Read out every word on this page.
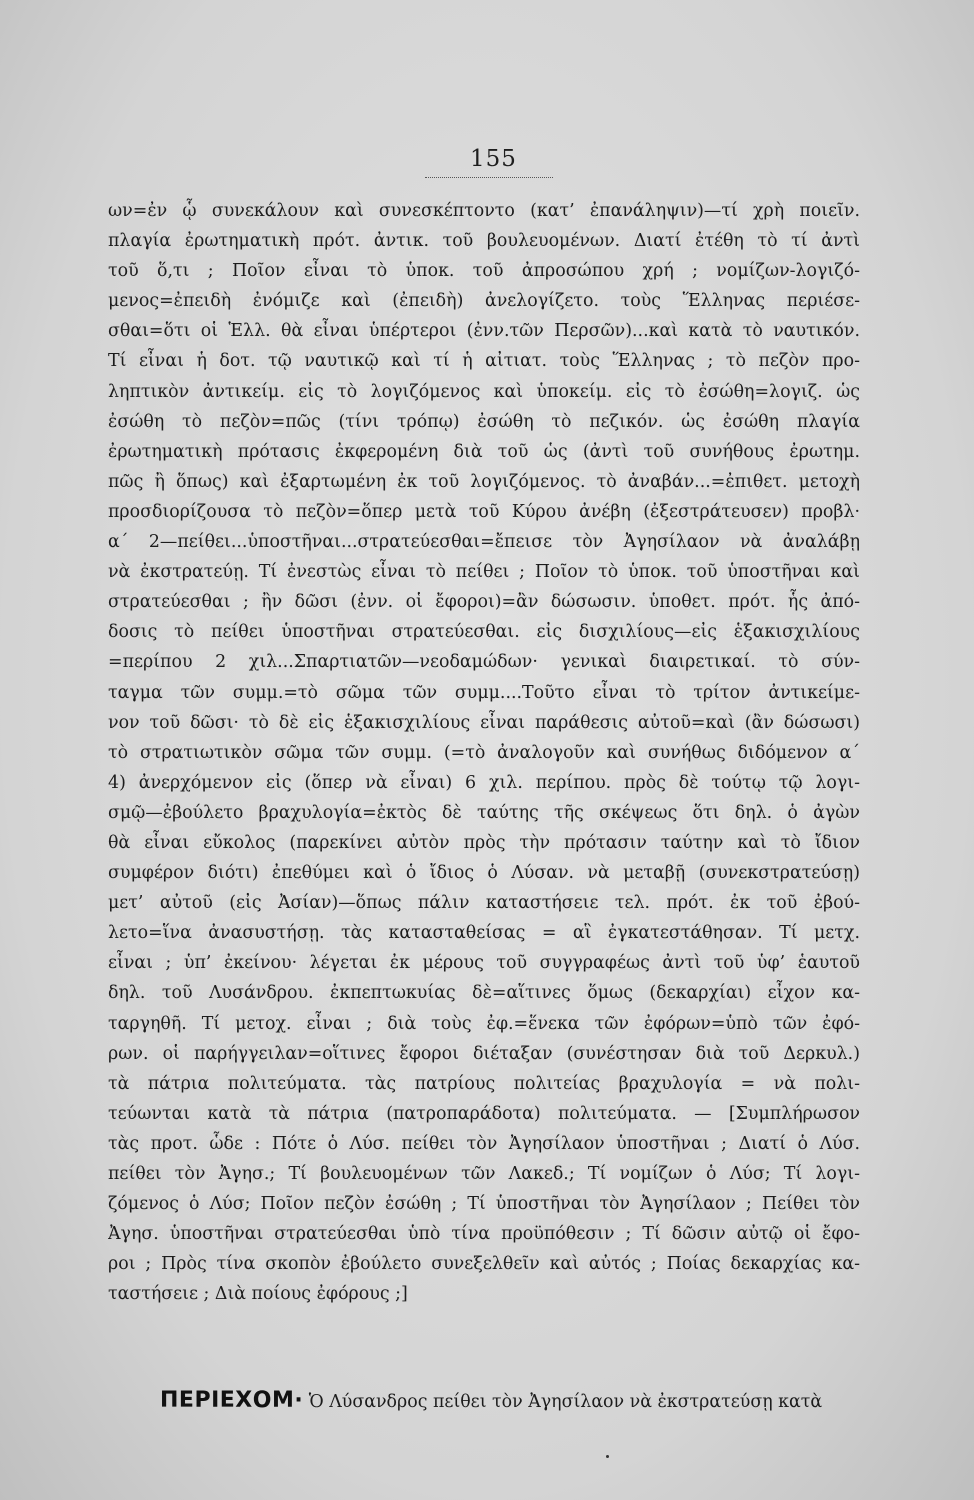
155
ων=ἐν ᾧ συνεκάλουν καὶ συνεσκέπτοντο (κατ’ ἐπανάληψιν)—τί χρὴ ποιεῖν.
πλαγία ἐρωτηματικὴ πρότ. ἀντικ. τοῦ βουλευομένων. Διατί ἐτέθη τὸ τί ἀντὶ
τοῦ ὅ,τι ; Ποῖον εἶναι τὸ ὑποκ. τοῦ ἀπροσώπου χρή ; νομίζων-λογιζό-
μενος=ἐπειδὴ ἐνόμιζε καὶ (ἐπειδὴ) ἀνελογίζετο. τοὺς Ἕλληνας περιέσε-
σθαι=ὅτι οἱ Ἑλλ. θὰ εἶναι ὑπέρτεροι (ἐνν.τῶν Περσῶν)...καὶ κατὰ τὸ ναυτικόν.
Τί εἶναι ἡ δοτ. τῷ ναυτικῷ καὶ τί ἡ αἰτιατ. τοὺς Ἕλληνας ; τὸ πεζὸν προ-
ληπτικὸν ἀντικείμ. εἰς τὸ λογιζόμενος καὶ ὑποκείμ. εἰς τὸ ἐσώθη=λογιζ. ὡς
ἐσώθη τὸ πεζὸν=πῶς (τίνι τρόπῳ) ἐσώθη τὸ πεζικόν. ὡς ἐσώθη πλαγία
ἐρωτηματικὴ πρότασις ἐκφερομένη διὰ τοῦ ὡς (ἀντὶ τοῦ συνήθους ἐρωτημ.
πῶς ἢ ὅπως) καὶ ἐξαρτωμένη ἐκ τοῦ λογιζόμενος. τὸ ἀναβάν...=ἐπιθετ. μετοχὴ
προσδιορίζουσα τὸ πεζὸν=ὅπερ μετὰ τοῦ Κύρου ἀνέβη (ἐξεστράτευσεν) προβλ·
α΄ 2—πείθει...ὑποστῆναι...στρατεύεσθαι=ἔπεισε τὸν Ἀγησίλαον νὰ ἀναλάβῃ
νὰ ἐκστρατεύῃ. Τί ἐνεστὼς εἶναι τὸ πείθει ; Ποῖον τὸ ὑποκ. τοῦ ὑποστῆναι καὶ
στρατεύεσθαι ; ἢν δῶσι (ἐνν. οἱ ἔφοροι)=ἂν δώσωσιν. ὑποθετ. πρότ. ἧς ἀπό-
δοσις τὸ πείθει ὑποστῆναι στρατεύεσθαι. εἰς δισχιλίους—εἰς ἑξακισχιλίους
=περίπου 2 χιλ...Σπαρτιατῶν—νεοδαμώδων· γενικαὶ διαιρετικαί. τὸ σύν-
ταγμα τῶν συμμ.=τὸ σῶμα τῶν συμμ....Τοῦτο εἶναι τὸ τρίτον ἀντικείμε-
νον τοῦ δῶσι· τὸ δὲ εἰς ἑξακισχιλίους εἶναι παράθεσις αὐτοῦ=καὶ (ἂν δώσωσι)
τὸ στρατιωτικὸν σῶμα τῶν συμμ. (=τὸ ἀναλογοῦν καὶ συνήθως διδόμενον α΄
4) ἀνερχόμενον εἰς (ὅπερ νὰ εἶναι) 6 χιλ. περίπου. πρὸς δὲ τούτῳ τῷ λογι-
σμῷ—ἐβούλετο βραχυλογία=ἐκτὸς δὲ ταύτης τῆς σκέψεως ὅτι δηλ. ὁ ἀγὼν
θὰ εἶναι εὔκολος (παρεκίνει αὐτὸν πρὸς τὴν πρότασιν ταύτην καὶ τὸ ἴδιον
συμφέρον διότι) ἐπεθύμει καὶ ὁ ἴδιος ὁ Λύσαν. νὰ μεταβῇ (συνεκστρατεύσῃ)
μετ’ αὐτοῦ (εἰς Ἀσίαν)—ὅπως πάλιν καταστήσειε τελ. πρότ. ἐκ τοῦ ἐβού-
λετο=ἵνα ἀνασυστήσῃ. τὰς κατασταθείσας = αἳ ἐγκατεστάθησαν. Τί μετχ.
εἶναι ; ὑπ’ ἐκείνου· λέγεται ἐκ μέρους τοῦ συγγραφέως ἀντὶ τοῦ ὑφ’ ἑαυτοῦ
δηλ. τοῦ Λυσάνδρου. ἐκπεπτωκυίας δὲ=αἵτινες ὅμως (δεκαρχίαι) εἶχον κα-
ταργηθῆ. Τί μετοχ. εἶναι ; διὰ τοὺς ἐφ.=ἕνεκα τῶν ἐφόρων=ὑπὸ τῶν ἐφό-
ρων. οἱ παρήγγειλαν=οἵτινες ἔφοροι διέταξαν (συνέστησαν διὰ τοῦ Δερκυλ.)
τὰ πάτρια πολιτεύματα. τὰς πατρίους πολιτείας βραχυλογία = νὰ πολι-
τεύωνται κατὰ τὰ πάτρια (πατροπαράδοτα) πολιτεύματα. — [Συμπλήρωσον
τὰς προτ. ὧδε : Πότε ὁ Λύσ. πείθει τὸν Ἀγησίλαον ὑποστῆναι ; Διατί ὁ Λύσ.
πείθει τὸν Ἀγησ.; Τί βουλευομένων τῶν Λακεδ.; Τί νομίζων ὁ Λύσ; Τί λογι-
ζόμενος ὁ Λύσ; Ποῖον πεζὸν ἐσώθη ; Τί ὑποστῆναι τὸν Ἀγησίλαον ; Πείθει τὸν
Ἀγησ. ὑποστῆναι στρατεύεσθαι ὑπὸ τίνα προϋπόθεσιν ; Τί δῶσιν αὐτῷ οἱ ἔφο-
ροι ; Πρὸς τίνα σκοπὸν ἐβούλετο συνεξελθεῖν καὶ αὐτός ; Ποίας δεκαρχίας κα-
ταστήσειε ; Διὰ ποίους ἐφόρους ;]
ΠΕΡΙΕΧΟΜ· Ὁ Λύσανδρος πείθει τὸν Ἀγησίλαον νὰ ἐκστρατεύσῃ κατὰ
